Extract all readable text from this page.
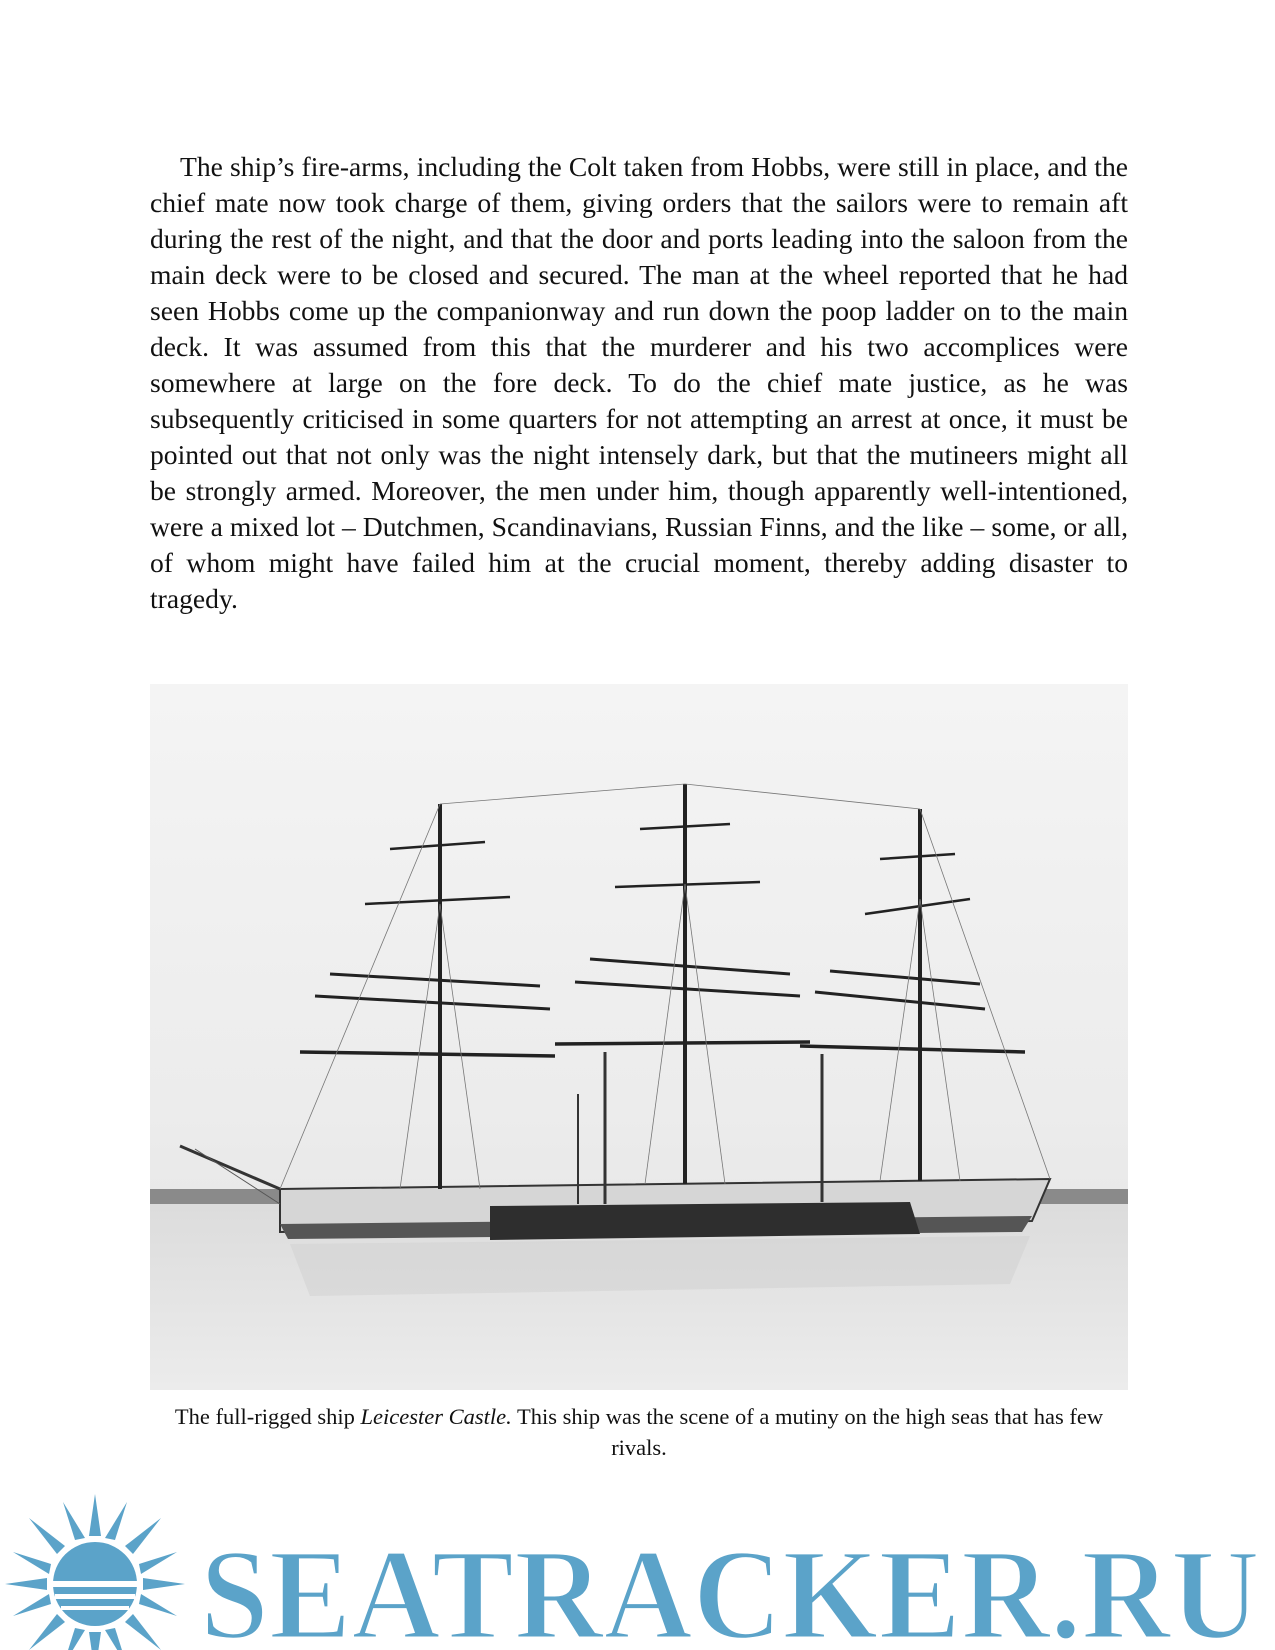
The ship’s fire-arms, including the Colt taken from Hobbs, were still in place, and the chief mate now took charge of them, giving orders that the sailors were to remain aft during the rest of the night, and that the door and ports leading into the saloon from the main deck were to be closed and secured. The man at the wheel reported that he had seen Hobbs come up the companionway and run down the poop ladder on to the main deck. It was assumed from this that the murderer and his two accomplices were somewhere at large on the fore deck. To do the chief mate justice, as he was subsequently criticised in some quarters for not attempting an arrest at once, it must be pointed out that not only was the night intensely dark, but that the mutineers might all be strongly armed. Moreover, the men under him, though apparently well-intentioned, were a mixed lot – Dutchmen, Scandinavians, Russian Finns, and the like – some, or all, of whom might have failed him at the crucial moment, thereby adding disaster to tragedy.

The full-rigged ship Leicester Castle. This ship was the scene of a mutiny on the high seas that has few rivals.

SEATRACKER.RU
